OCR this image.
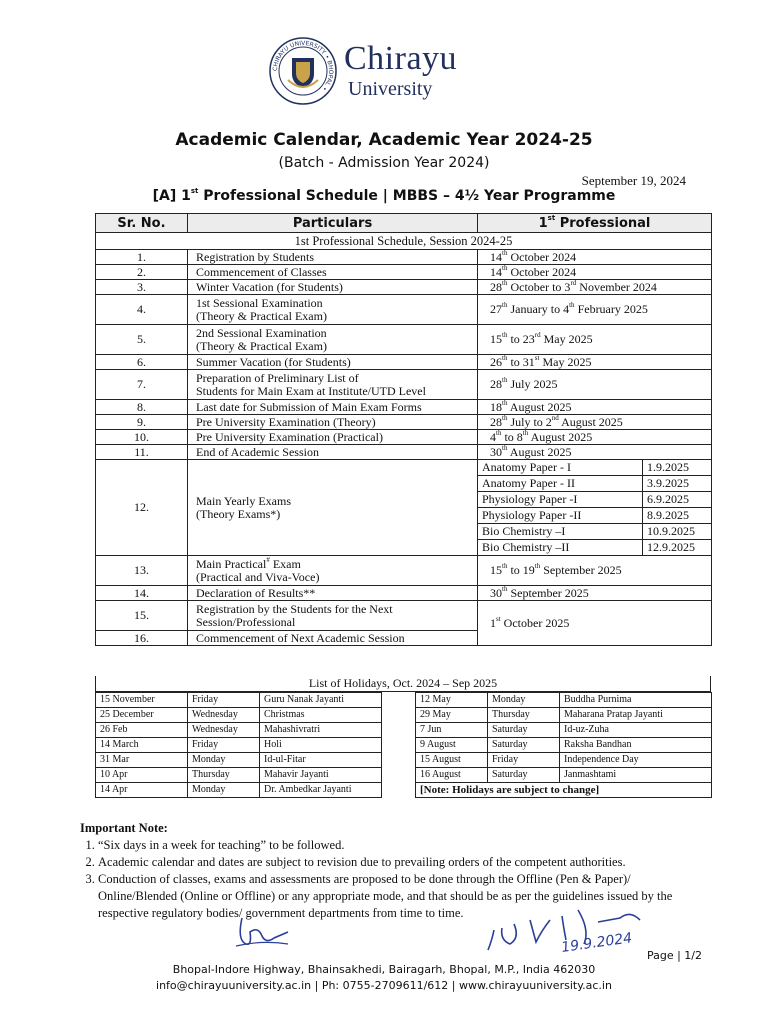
CHIRAYU UNIVERSITY • BHOPAL •
Chirayu
University
Academic Calendar, Academic Year 2024-25
(Batch - Admission Year 2024)
September 19, 2024
[A] 1st Professional Schedule | MBBS – 4½ Year Programme
Sr. No.	Particulars	1st Professional
1st Professional Schedule, Session 2024-25
1.	Registration by Students	14th October 2024
2.	Commencement of Classes	14th October 2024
3.	Winter Vacation (for Students)	28th October to 3rd November 2024
4.	1st Sessional Examination
(Theory & Practical Exam)	27th January to 4th February 2025
5.	2nd Sessional Examination
(Theory & Practical Exam)	15th to 23rd May 2025
6.	Summer Vacation (for Students)	26th to 31st May 2025
7.	Preparation of Preliminary List of
Students for Main Exam at Institute/UTD Level	28th July 2025
8.	Last date for Submission of Main Exam Forms	18th August 2025
9.	Pre University Examination (Theory)	28th July to 2nd August 2025
10.	Pre University Examination (Practical)	4th to 8th August 2025
11.	End of Academic Session	30th August 2025
12.	Main Yearly Exams
(Theory Exams*)	
Anatomy Paper - I	1.9.2025
Anatomy Paper - II	3.9.2025
Physiology Paper -I	6.9.2025
Physiology Paper -II	8.9.2025
Bio Chemistry –I	10.9.2025
Bio Chemistry –II	12.9.2025

13.	Main Practical# Exam
(Practical and Viva-Voce)	15th to 19th September 2025
14.	Declaration of Results**	30th September 2025
15.	Registration by the Students for the Next
Session/Professional	1st October 2025
16.	Commencement of Next Academic Session
List of Holidays, Oct. 2024 – Sep 2025
15 November	Friday	Guru Nanak Jayanti		12 May	Monday	Buddha Purnima
25 December	Wednesday	Christmas		29 May	Thursday	Maharana Pratap Jayanti
26 Feb	Wednesday	Mahashivratri		7 Jun	Saturday	Id-uz-Zuha
14 March	Friday	Holi		9 August	Saturday	Raksha Bandhan
31 Mar	Monday	Id-ul-Fitar		15 August	Friday	Independence Day
10 Apr	Thursday	Mahavir Jayanti		16 August	Saturday	Janmashtami
14 Apr	Monday	Dr. Ambedkar Jayanti		[Note: Holidays are subject to change]		
Important Note:
1. “Six days in a week for teaching” to be followed.
2. Academic calendar and dates are subject to revision due to prevailing orders of the competent authorities.
3. Conduction of classes, exams and assessments are proposed to be done through the Offline (Pen & Paper)/ Online/Blended (Online or Offline) or any appropriate mode, and that should be as per the guidelines issued by the respective regulatory bodies/ government departments from time to time.
19.9.2024 Page | 1/2
Bhopal-Indore Highway, Bhainsakhedi, Bairagarh, Bhopal, M.P., India 462030
info@chirayuuniversity.ac.in | Ph: 0755-2709611/612 | www.chirayuuniversity.ac.in
